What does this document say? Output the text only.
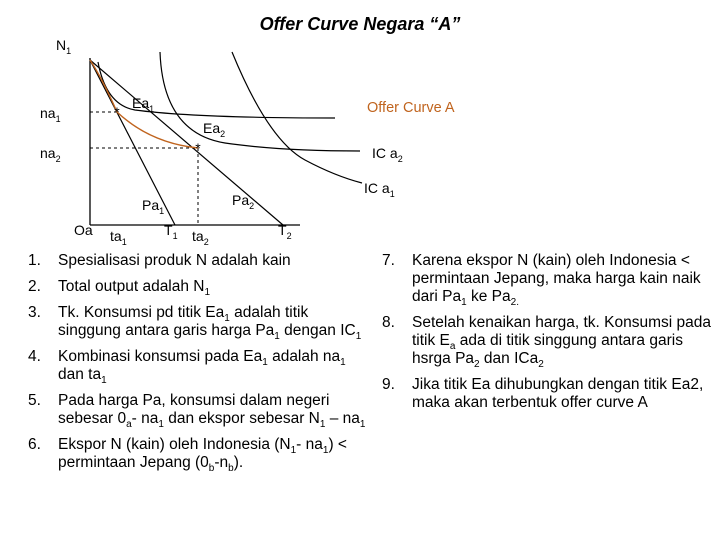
Offer Curve Negara “A”
*
*
$N_1$
$na_1$
$na_2$
$Ea_1$
$Ea_2$
Offer Curve A
IC $a_2$
IC $a_1$
$Pa_1$
$Pa_2$
Oa $ta_1$
$T_1$ $ta_2$
$T_2$
1. Spesialisasi produk N adalah kain
2. Total output adalah $N_1$
3. Tk. Konsumsi pd titik $Ea_1$ adalah titik singgung antara garis harga $Pa_1$ dengan $IC_1$
4. Kombinasi konsumsi pada $Ea_1$ adalah $na_1$ dan $ta_1$
5. Pada harga Pa, konsumsi dalam negeri sebesar $0_a-$ $na_1$ dan ekspor sebesar $N_1 - na_1$
6. Ekspor N (kain) oleh Indonesia ($N_1-$ $na_1$) < permintaan Jepang $(0_b-n_b)$.
7. Karena ekspor N (kain) oleh Indonesia < permintaan Jepang, maka harga kain naik dari $Pa_1$ ke $Pa_{2.}$
8. Setelah kenaikan harga, tk. Konsumsi pada titik $E_a$ ada di titik singgung antara garis hsrga $Pa_2$ dan ICa$_2$
9. Jika titik Ea dihubungkan dengan titik Ea2, maka akan terbentuk offer curve A
